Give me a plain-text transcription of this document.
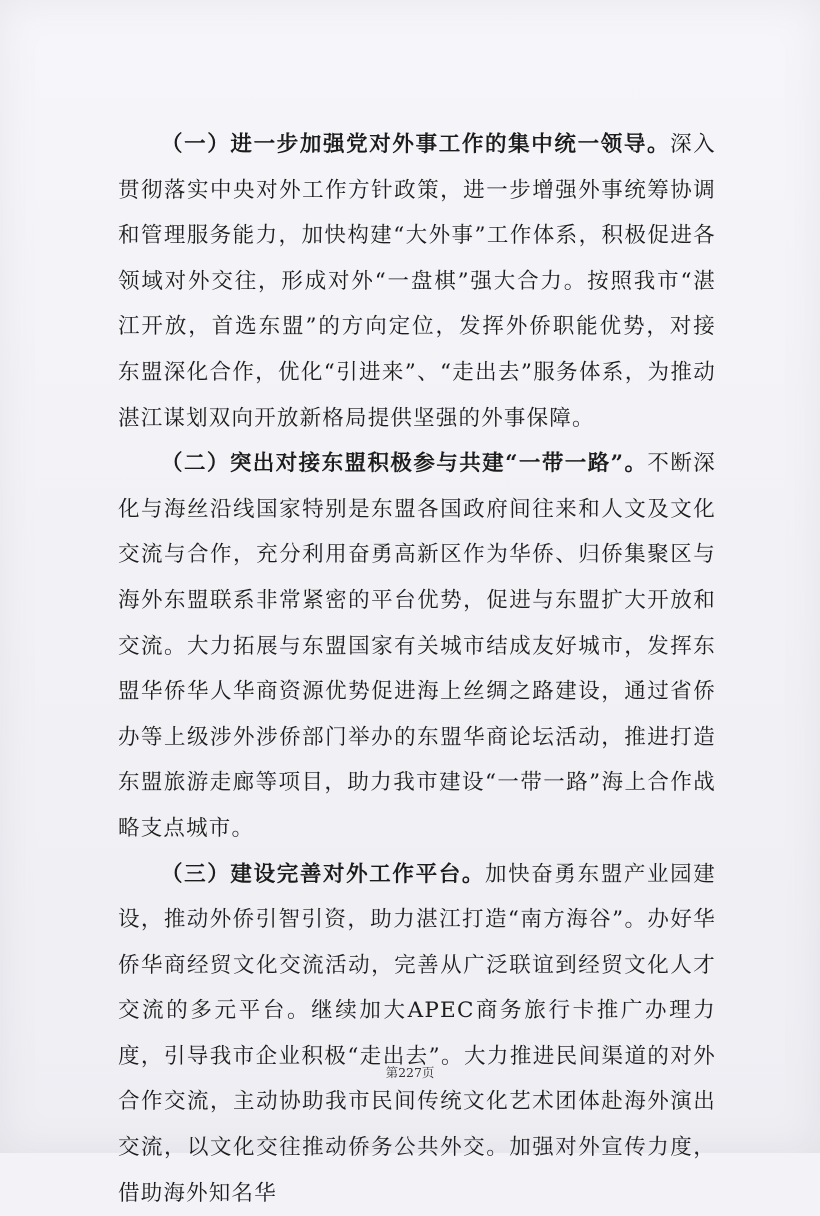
（一）进一步加强党对外事工作的集中统一领导。深入贯彻落实中央对外工作方针政策，进一步增强外事统筹协调和管理服务能力，加快构建“大外事”工作体系，积极促进各领域对外交往，形成对外“一盘棋”强大合力。按照我市“湛江开放，首选东盟”的方向定位，发挥外侨职能优势，对接东盟深化合作，优化“引进来”、“走出去”服务体系，为推动湛江谋划双向开放新格局提供坚强的外事保障。

（二）突出对接东盟积极参与共建“一带一路”。不断深化与海丝沿线国家特别是东盟各国政府间往来和人文及文化交流与合作，充分利用奋勇高新区作为华侨、归侨集聚区与海外东盟联系非常紧密的平台优势，促进与东盟扩大开放和交流。大力拓展与东盟国家有关城市结成友好城市，发挥东盟华侨华人华商资源优势促进海上丝绸之路建设，通过省侨办等上级涉外涉侨部门举办的东盟华商论坛活动，推进打造东盟旅游走廊等项目，助力我市建设“一带一路”海上合作战略支点城市。

（三）建设完善对外工作平台。加快奋勇东盟产业园建设，推动外侨引智引资，助力湛江打造“南方海谷”。办好华侨华商经贸文化交流活动，完善从广泛联谊到经贸文化人才交流的多元平台。继续加大APEC商务旅行卡推广办理力度，引导我市企业积极“走出去”。大力推进民间渠道的对外合作交流，主动协助我市民间传统文化艺术团体赴海外演出交流，以文化交往推动侨务公共外交。加强对外宣传力度，借助海外知名华

第227页
